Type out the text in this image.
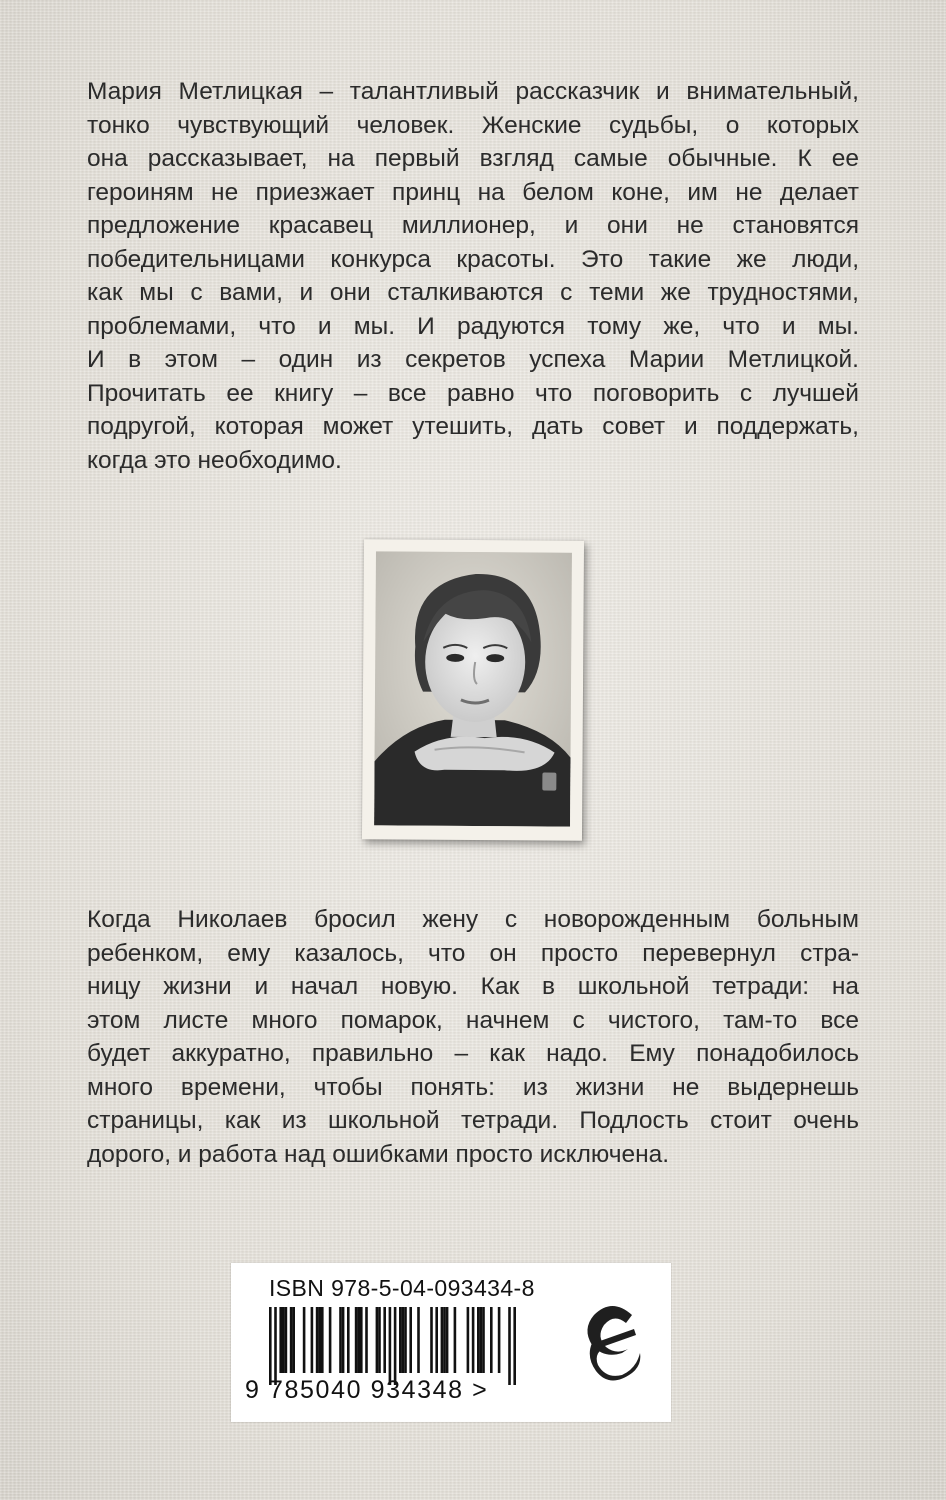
Мария Метлицкая – талантливый рассказчик и внимательный,
тонко чувствующий человек. Женские судьбы, о которых
она рассказывает, на первый взгляд самые обычные. К ее
героиням не приезжает принц на белом коне, им не делает
предложение красавец миллионер, и они не становятся
победительницами конкурса красоты. Это такие же люди,
как мы с вами, и они сталкиваются с теми же трудностями,
проблемами, что и мы. И радуются тому же, что и мы.
И в этом – один из секретов успеха Марии Метлицкой.
Прочитать ее книгу – все равно что поговорить с лучшей
подругой, которая может утешить, дать совет и поддержать,
когда это необходимо.
Когда Николаев бросил жену с новорожденным больным
ребенком, ему казалось, что он просто перевернул стра-
ницу жизни и начал новую. Как в школьной тетради: на
этом листе много помарок, начнем с чистого, там-то все
будет аккуратно, правильно – как надо. Ему понадобилось
много времени, чтобы понять: из жизни не выдернешь
страницы, как из школьной тетради. Подлость стоит очень
дорого, и работа над ошибками просто исключена.

ISBN 978-5-04-093434-8

9 785040 934348 >
